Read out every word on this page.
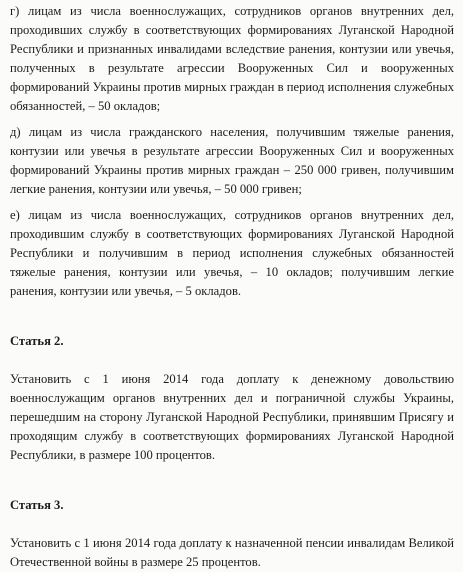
г) лицам из числа военнослужащих, сотрудников органов внутренних дел, проходивших службу в соответствующих формированиях Луганской Народной Республики и признанных инвалидами вследствие ранения, контузии или увечья, полученных в результате агрессии Вооруженных Сил и вооруженных формирований Украины против мирных граждан в период исполнения служебных обязанностей, – 50 окладов;

д) лицам из числа гражданского населения, получившим тяжелые ранения, контузии или увечья в результате агрессии Вооруженных Сил и вооруженных формирований Украины против мирных граждан – 250 000 гривен, получившим легкие ранения, контузии или увечья, – 50 000 гривен;

е) лицам из числа военнослужащих, сотрудников органов внутренних дел, проходившим службу в соответствующих формированиях Луганской Народной Республики и получившим в период исполнения служебных обязанностей тяжелые ранения, контузии или увечья, – 10 окладов; получившим легкие ранения, контузии или увечья, – 5 окладов.

Статья 2.

Установить с 1 июня 2014 года доплату к денежному довольствию военнослужащим органов внутренних дел и пограничной службы Украины, перешедшим на сторону Луганской Народной Республики, принявшим Присягу и проходящим службу в соответствующих формированиях Луганской Народной Республики, в размере 100 процентов.

Статья 3.

Установить с 1 июня 2014 года доплату к назначенной пенсии инвалидам Великой Отечественной войны в размере 25 процентов.
